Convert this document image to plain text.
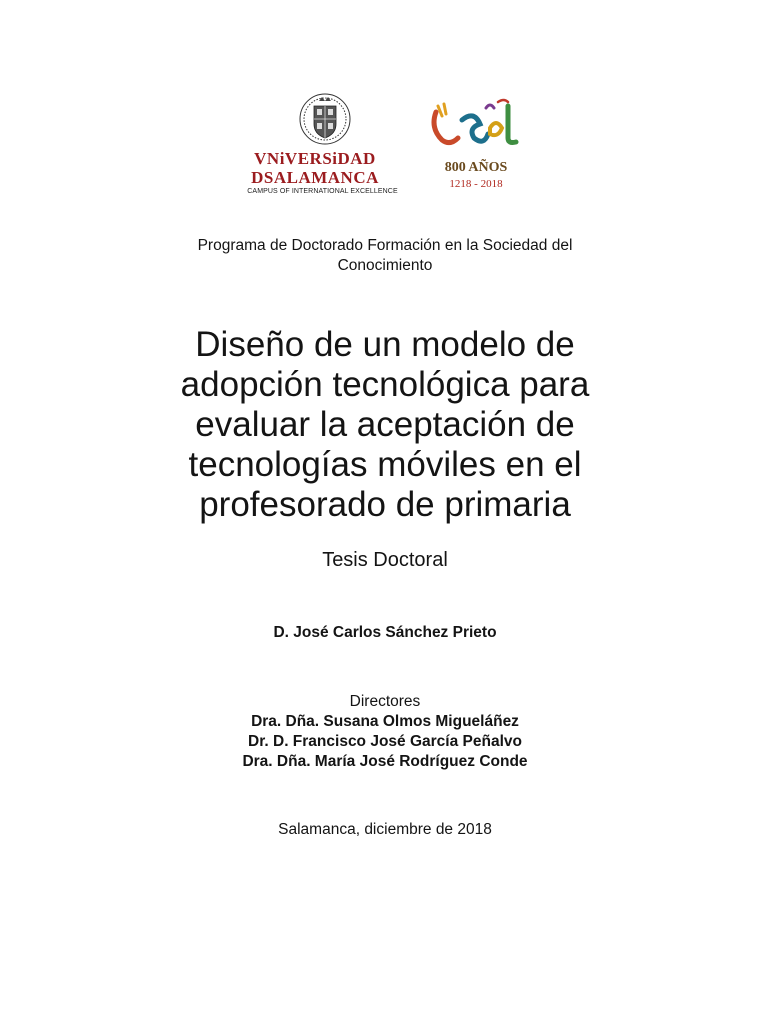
VNiVERSiDAD
DSALAMANCA
CAMPUS OF INTERNATIONAL EXCELLENCE
800 AÑOS
1218 - 2018
Programa de Doctorado Formación en la Sociedad del
Conocimiento
Diseño de un modelo de
adopción tecnológica para
evaluar la aceptación de
tecnologías móviles en el
profesorado de primaria
Tesis Doctoral
D. José Carlos Sánchez Prieto
Directores
Dra. Dña. Susana Olmos Migueláñez
Dr. D. Francisco José García Peñalvo
Dra. Dña. María José Rodríguez Conde
Salamanca, diciembre de 2018
